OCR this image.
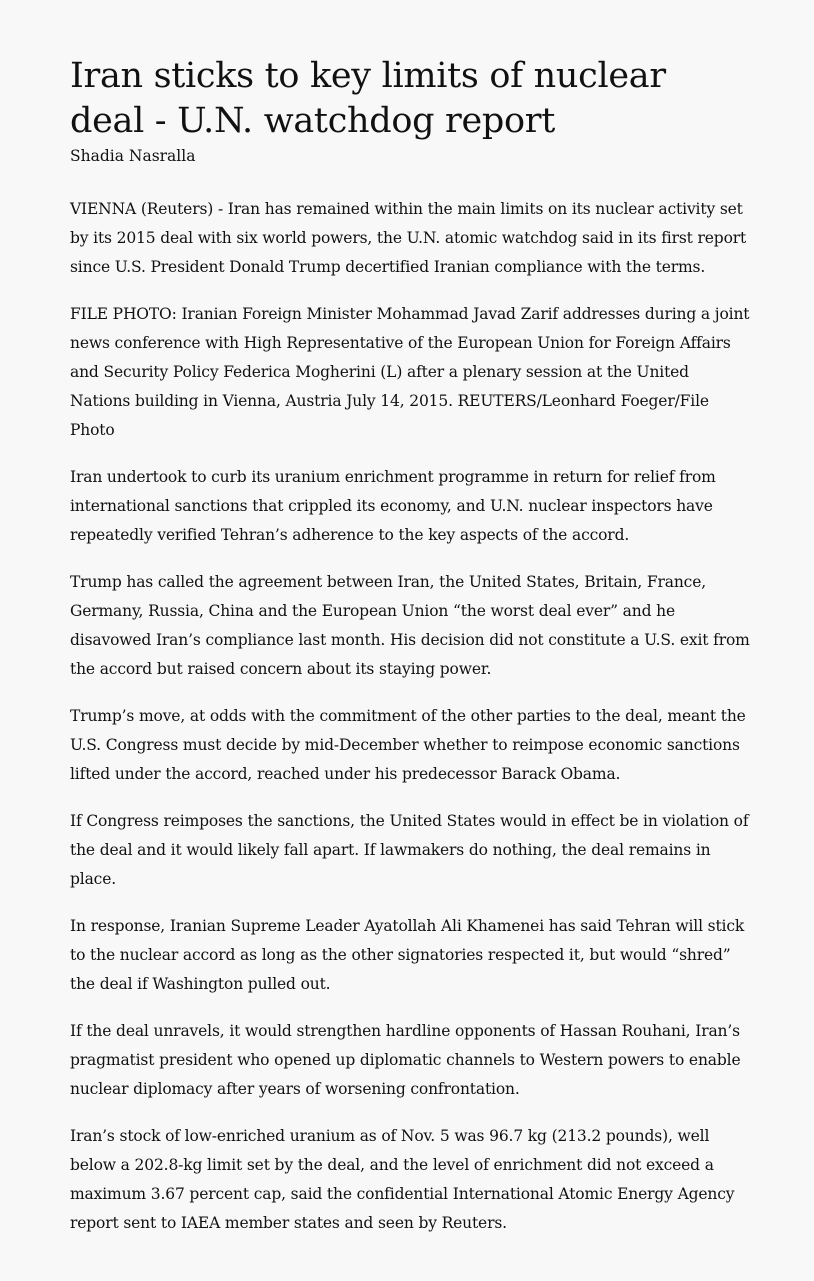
Iran sticks to key limits of nuclear deal - U.N. watchdog report
Shadia Nasralla

VIENNA (Reuters) - Iran has remained within the main limits on its nuclear activity set by its 2015 deal with six world powers, the U.N. atomic watchdog said in its first report since U.S. President Donald Trump decertified Iranian compliance with the terms.

FILE PHOTO: Iranian Foreign Minister Mohammad Javad Zarif addresses during a joint news conference with High Representative of the European Union for Foreign Affairs and Security Policy Federica Mogherini (L) after a plenary session at the United Nations building in Vienna, Austria July 14, 2015. REUTERS/Leonhard Foeger/File Photo

Iran undertook to curb its uranium enrichment programme in return for relief from international sanctions that crippled its economy, and U.N. nuclear inspectors have repeatedly verified Tehran’s adherence to the key aspects of the accord.

Trump has called the agreement between Iran, the United States, Britain, France, Germany, Russia, China and the European Union “the worst deal ever” and he disavowed Iran’s compliance last month. His decision did not constitute a U.S. exit from the accord but raised concern about its staying power.

Trump’s move, at odds with the commitment of the other parties to the deal, meant the U.S. Congress must decide by mid-December whether to reimpose economic sanctions lifted under the accord, reached under his predecessor Barack Obama.

If Congress reimposes the sanctions, the United States would in effect be in violation of the deal and it would likely fall apart. If lawmakers do nothing, the deal remains in place.

In response, Iranian Supreme Leader Ayatollah Ali Khamenei has said Tehran will stick to the nuclear accord as long as the other signatories respected it, but would “shred” the deal if Washington pulled out.

If the deal unravels, it would strengthen hardline opponents of Hassan Rouhani, Iran’s pragmatist president who opened up diplomatic channels to Western powers to enable nuclear diplomacy after years of worsening confrontation.

Iran’s stock of low-enriched uranium as of Nov. 5 was 96.7 kg (213.2 pounds), well below a 202.8-kg limit set by the deal, and the level of enrichment did not exceed a maximum 3.67 percent cap, said the confidential International Atomic Energy Agency report sent to IAEA member states and seen by Reuters.
